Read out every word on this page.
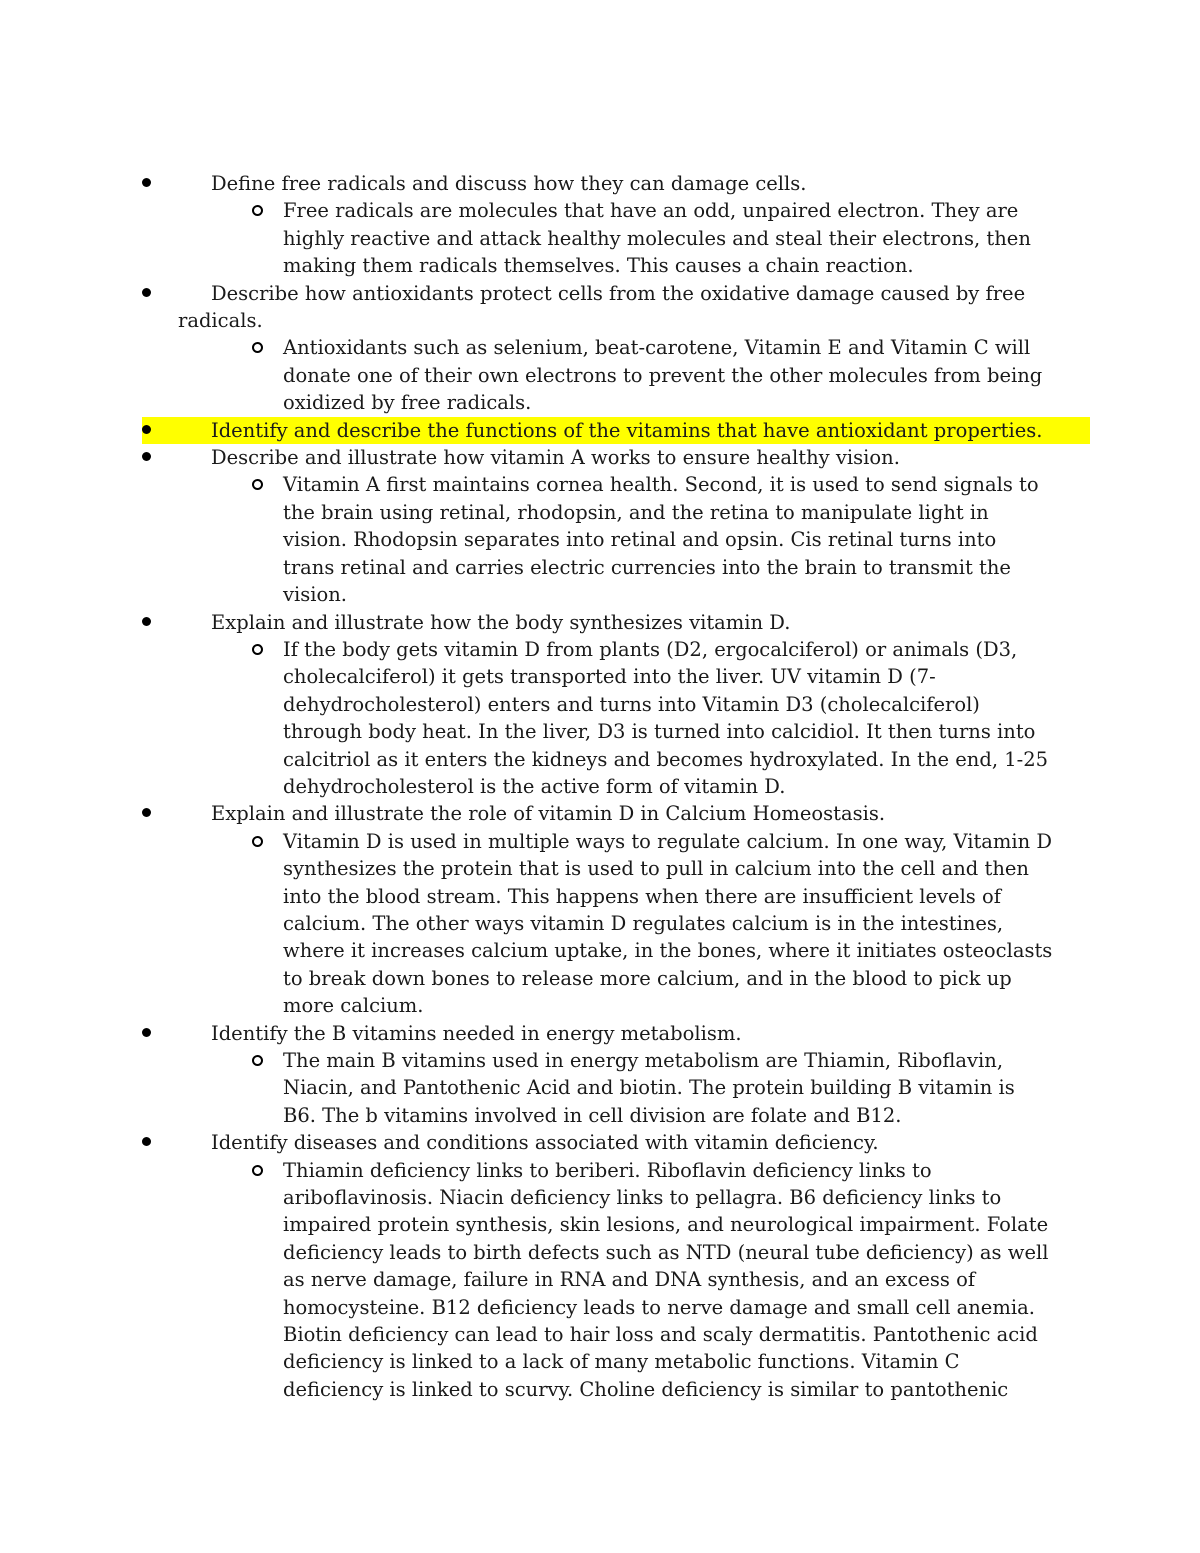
Define free radicals and discuss how they can damage cells.
Free radicals are molecules that have an odd, unpaired electron. They are highly reactive and attack healthy molecules and steal their electrons, then making them radicals themselves. This causes a chain reaction.
Describe how antioxidants protect cells from the oxidative damage caused by free radicals.
Antioxidants such as selenium, beat-carotene, Vitamin E and Vitamin C will donate one of their own electrons to prevent the other molecules from being oxidized by free radicals.
Identify and describe the functions of the vitamins that have antioxidant properties.
Describe and illustrate how vitamin A works to ensure healthy vision.
Vitamin A first maintains cornea health. Second, it is used to send signals to the brain using retinal, rhodopsin, and the retina to manipulate light in vision. Rhodopsin separates into retinal and opsin. Cis retinal turns into trans retinal and carries electric currencies into the brain to transmit the vision.
Explain and illustrate how the body synthesizes vitamin D.
If the body gets vitamin D from plants (D2, ergocalciferol) or animals (D3, cholecalciferol) it gets transported into the liver. UV vitamin D (7-dehydrocholesterol) enters and turns into Vitamin D3 (cholecalciferol) through body heat. In the liver, D3 is turned into calcidiol. It then turns into calcitriol as it enters the kidneys and becomes hydroxylated. In the end, 1-25 dehydrocholesterol is the active form of vitamin D.
Explain and illustrate the role of vitamin D in Calcium Homeostasis.
Vitamin D is used in multiple ways to regulate calcium. In one way, Vitamin D synthesizes the protein that is used to pull in calcium into the cell and then into the blood stream. This happens when there are insufficient levels of calcium. The other ways vitamin D regulates calcium is in the intestines, where it increases calcium uptake, in the bones, where it initiates osteoclasts to break down bones to release more calcium, and in the blood to pick up more calcium.
Identify the B vitamins needed in energy metabolism.
The main B vitamins used in energy metabolism are Thiamin, Riboflavin, Niacin, and Pantothenic Acid and biotin. The protein building B vitamin is B6. The b vitamins involved in cell division are folate and B12.
Identify diseases and conditions associated with vitamin deficiency.
Thiamin deficiency links to beriberi. Riboflavin deficiency links to ariboflavinosis. Niacin deficiency links to pellagra. B6 deficiency links to impaired protein synthesis, skin lesions, and neurological impairment. Folate deficiency leads to birth defects such as NTD (neural tube deficiency) as well as nerve damage, failure in RNA and DNA synthesis, and an excess of homocysteine. B12 deficiency leads to nerve damage and small cell anemia. Biotin deficiency can lead to hair loss and scaly dermatitis. Pantothenic acid deficiency is linked to a lack of many metabolic functions. Vitamin C deficiency is linked to scurvy. Choline deficiency is similar to pantothenic
